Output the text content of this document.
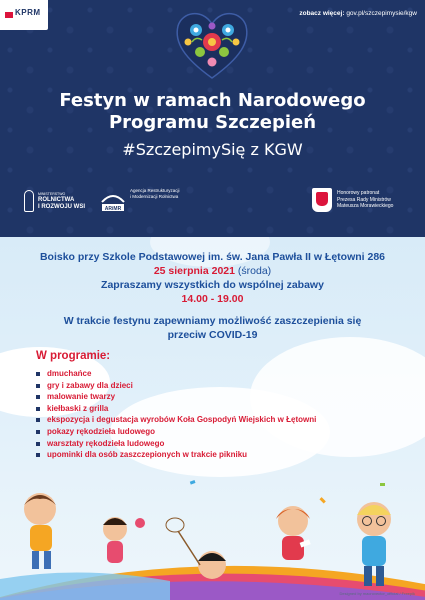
KPRM	zobacz więcej: gov.pl/szczepimysie/kgw
Festyn w ramach Narodowego
Programu Szczepień
#SzczepimySię z KGW
MINISTERSTWO
ROLNICTWA
I ROZWOJU WSI	ARiMR
Agencja Restrukturyzacji
i Modernizacji Rolnictwa
Honorowy patronat
Prezesa Rady Ministrów
Mateusza Morawieckiego
Boisko przy Szkole Podstawowej im. św. Jana Pawła II w Łętowni 286
25 sierpnia 2021 (środa)
Zapraszamy wszystkich do wspólnej zabawy
14.00 - 19.00
W trakcie festynu zapewniamy możliwość zaszczepienia się
przeciw COVID-19
W programie:
dmuchańce
gry i zabawy dla dzieci
malowanie twarzy
kiełbaski z grilla
ekspozycja i degustacja wyrobów Koła Gospodyń Wiejskich w Łętowni
pokazy rękodzieła ludowego
warsztaty rękodzieła ludowego
upominki dla osób zaszczepionych w trakcie pikniku
Designed by macrovector_official / Freepik
